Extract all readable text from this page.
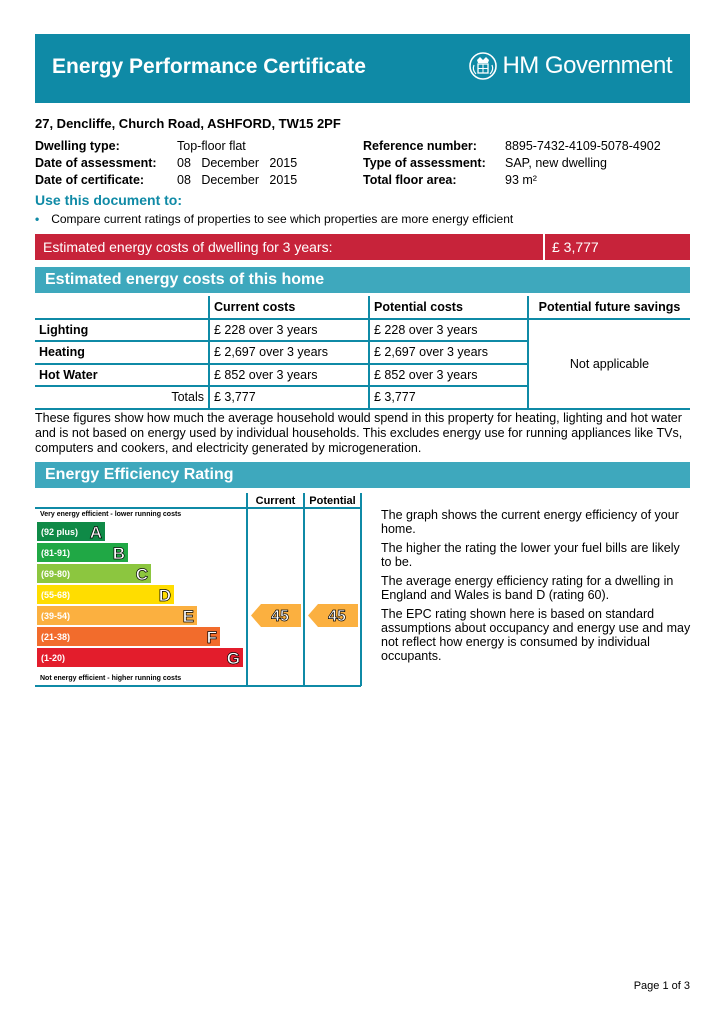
Energy Performance Certificate	HM Government
27, Dencliffe, Church Road, ASHFORD, TW15 2PF
Dwelling type:	Top-floor flat
Date of assessment:	08   December   2015
Date of certificate:	08   December   2015
Reference number:	8895-7432-4109-5078-4902
Type of assessment:	SAP, new dwelling
Total floor area:	93 m²
Use this document to:
• Compare current ratings of properties to see which properties are more energy efficient
Estimated energy costs of dwelling for 3 years:	£ 3,777
Estimated energy costs of this home
	Current costs	Potential costs	Potential future savings
Lighting	£ 228 over 3 years	£ 228 over 3 years	Not applicable
Heating	£ 2,697 over 3 years	£ 2,697 over 3 years	
Hot Water	£ 852 over 3 years	£ 852 over 3 years	
Totals	£ 3,777	£ 3,777	
These figures show how much the average household would spend in this property for heating, lighting and hot water and is not based on energy used by individual households. This excludes energy use for running appliances like TVs, computers and cookers, and electricity generated by microgeneration.
Energy Efficiency Rating
Current Potential
Very energy efficient - lower running costs
Not energy efficient - higher running costs
(92 plus) A
(81-91)	B
(69-80)	C
(55-68)	D
(39-54)	E
(21-38)	F
(1-20)	G
45 45

The graph shows the current energy efficiency of your home.

The higher the rating the lower your fuel bills are likely to be.

The average energy efficiency rating for a dwelling in England and Wales is band D (rating 60).

The EPC rating shown here is based on standard assumptions about occupancy and energy use and may not reflect how energy is consumed by individual occupants.

Page 1 of 3
